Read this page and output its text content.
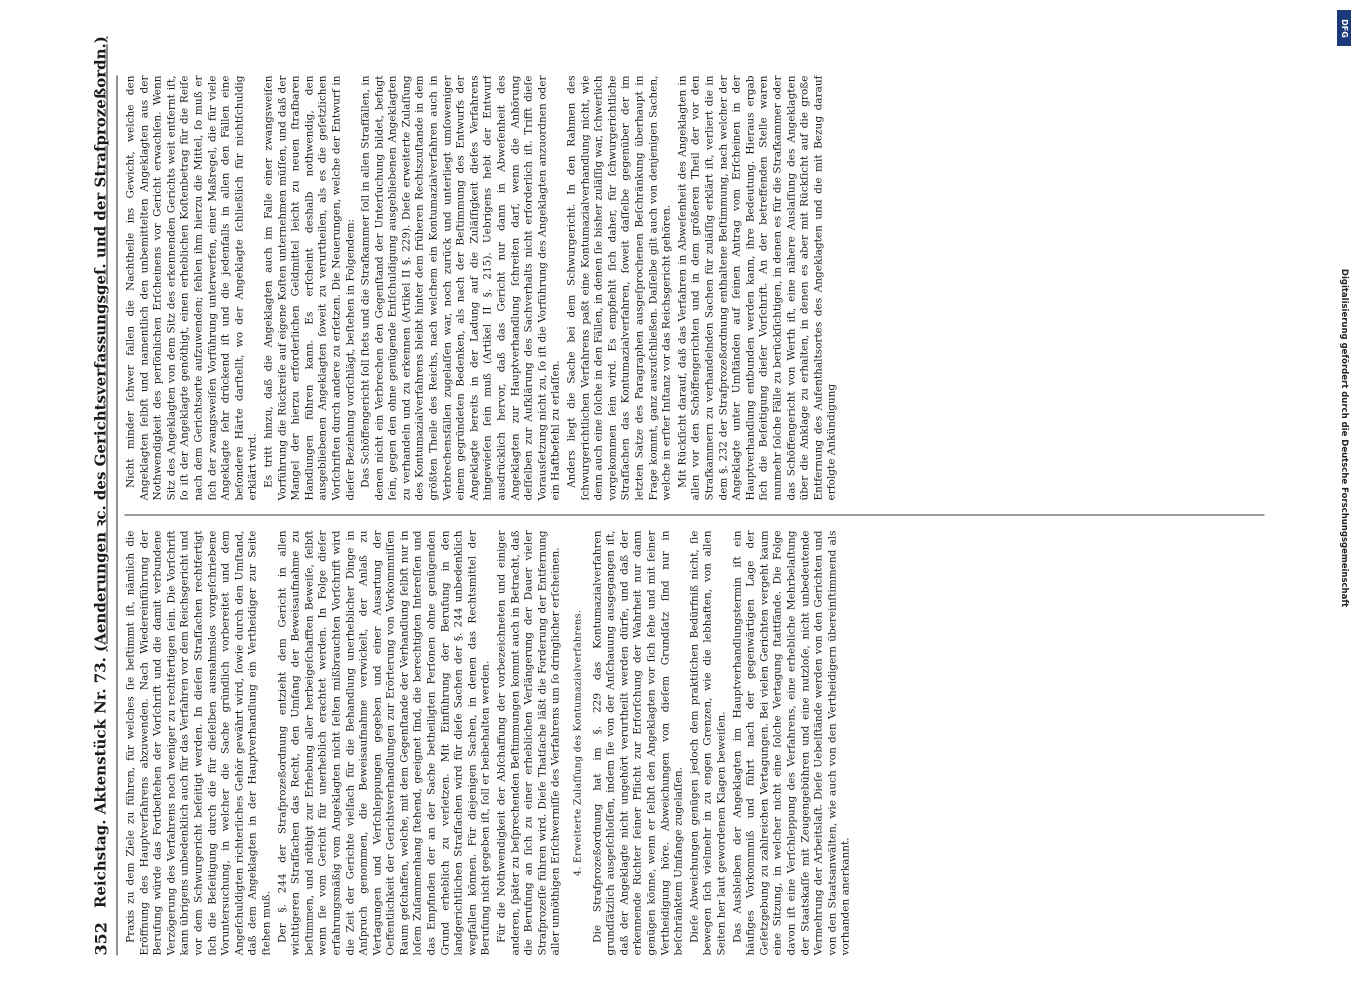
352
Reichstag. Aktenstück Nr. 73. (Aenderungen ꝛc. des Gerichtsverfassungsgeſ. und der Strafprozeßordn.)

Praxis zu dem Ziele zu führen, für welches ſie beſtimmt iſt, nämlich die Eröffnung des Hauptverfahrens abzuwenden. Nach Wiedereinführung der Berufung würde das Fortbeſtehen der Vorſchrift und die damit verbundene Verzögerung des Verfahrens noch weniger zu rechtfertigen ſein. Die Vorſchrift kann übrigens unbedenklich auch für das Verfahren vor dem Reichsgericht und vor dem Schwurgericht beſeitigt werden. In dieſen Strafſachen rechtfertigt ſich die Beſeitigung durch die für dieſelben ausnahmslos vorgeſchriebene Voruntersuchung, in welcher die Sache gründlich vorbereitet und dem Angeſchuldigten richterliches Gehör gewährt wird, ſowie durch den Umſtand, daß dem Angeklagten in der Hauptverhandlung ein Vertheidiger zur Seite ſtehen muß. Der §. 244 der Strafprozeßordnung entzieht dem Gericht in allen wichtigeren Strafſachen das Recht, den Umfang der Beweisaufnahme zu beſtimmen, und nöthigt zur Erhebung aller herbeigeſchafften Beweiſe, ſelbſt wenn ſie vom Gericht für unerheblich erachtet werden. In Folge dieſer erfahrungsmäßig vom Angeklagten nicht ſelten mißbrauchten Vorſchrift wird die Zeit der Gerichte vielfach für die Behandlung unerheblicher Dinge in Anſpruch genommen, die Beweisaufnahme verwickelt, der Anlaß zu Vertagungen und Verſchleppungen gegeben und einer Ausartung der Oeffentlichkeit der Gerichtsverhandlungen zur Erörterung von Vorkommniſſen Raum geſchaffen, welche, mit dem Gegenſtande der Verhandlung ſelbſt nur in loſem Zuſammenhang ſtehend, geeignet ſind, die berechtigten Intereſſen und das Empfinden der an der Sache betheiligten Perſonen ohne genügenden Grund erheblich zu verletzen. Mit Einführung der Berufung in den landgerichtlichen Strafſachen wird für dieſe Sachen der §. 244 unbedenklich wegfallen können. Für diejenigen Sachen, in denen das Rechtsmittel der Berufung nicht gegeben iſt, ſoll er beibehalten werden. Für die Nothwendigkeit der Abſchaffung der vorbezeichneten und einiger anderen, ſpäter zu beſprechenden Beſtimmungen kommt auch in Betracht, daß die Berufung an ſich zu einer erheblichen Verlängerung der Dauer vieler Strafprozeſſe führen wird. Dieſe Thatſache läßt die Forderung der Entfernung aller unnöthigen Erſchwerniſſe des Verfahrens um ſo dringlicher erſcheinen. 4. Erweiterte Zulaſſung des Kontumazialverfahrens. Die Strafprozeßordnung hat im §. 229 das Kontumazialverfahren grundſätzlich ausgeſchloſſen, indem ſie von der Anſchauung ausgegangen iſt, daß der Angeklagte nicht ungehört verurtheilt werden dürfe, und daß der erkennende Richter ſeiner Pflicht zur Erforſchung der Wahrheit nur dann genügen könne, wenn er ſelbſt den Angeklagten vor ſich ſehe und mit ſeiner Vertheidigung höre. Abweichungen von dieſem Grundſatz ſind nur in beſchränktem Umfange zugelaſſen. Dieſe Abweichungen genügen jedoch dem praktiſchen Bedürfniß nicht, ſie bewegen ſich vielmehr in zu engen Grenzen, wie die lebhaften, von allen Seiten her laut gewordenen Klagen beweiſen. Das Ausbleiben der Angeklagten im Hauptverhandlungstermin iſt ein häufiges Vorkommniß und führt nach der gegenwärtigen Lage der Geſetzgebung zu zahlreichen Vertagungen. Bei vielen Gerichten vergeht kaum eine Sitzung, in welcher nicht eine ſolche Vertagung ſtattfände. Die Folge davon iſt eine Verſchleppung des Verfahrens, eine erhebliche Mehrbelaſtung der Staatskaſſe mit Zeugengebühren und eine nutzloſe, nicht unbedeutende Vermehrung der Arbeitslaſt. Dieſe Uebelſtände werden von den Gerichten und von den Staatsanwälten, wie auch von den Vertheidigern übereinſtimmend als vorhanden anerkannt.

Nicht minder ſchwer fallen die Nachtheile ins Gewicht, welche den Angeklagten ſelbſt und namentlich den unbemittelten Angeklagten aus der Nothwendigkeit des perſönlichen Erſcheinens vor Gericht erwachſen. Wenn Sitz des Angeklagten von dem Sitz des erkennenden Gerichts weit entfernt iſt, ſo iſt der Angeklagte genöthigt, einen erheblichen Koſtenbetrag für die Reiſe nach dem Gerichtsorte aufzuwenden; fehlen ihm hierzu die Mittel, ſo muß er ſich der zwangsweiſen Vorführung unterwerfen, einer Maßregel, die für viele Angeklagte ſehr drückend iſt und die jedenfalls in allen den Fällen eine beſondere Härte darſtellt, wo der Angeklagte ſchließlich für nichtſchuldig erklärt wird. Es tritt hinzu, daß die Angeklagten auch im Falle einer zwangsweiſen Vorführung die Rückreiſe auf eigene Koſten unternehmen müſſen, und daß der Mangel der hierzu erforderlichen Geldmittel leicht zu neuen ſtrafbaren Handlungen führen kann. Es erſcheint deshalb nothwendig, den ausgebliebenen Angeklagten ſoweit zu verurtheilen, als es die geſetzlichen Vorſchriften durch andere zu erſetzen. Die Neuerungen, welche der Entwurf in dieſer Beziehung vorſchlägt, beſtehen in Folgendem: Das Schöffengericht ſoll ſtets und die Strafkammer ſoll in allen Strafſällen, in denen nicht ein Verbrechen den Gegenſtand der Unterſuchung bildet, befugt ſein, gegen den ohne genügende Entſchuldigung ausgebliebenen Angeklagten zu verhandeln und zu erkennen (Artikel II §. 229). Dieſe erweiterte Zulaſſung des Kontumazialverfahrens bleibt hinter dem früheren Rechtszuſtande in dem größten Theile des Reichs, nach welchem ein Kontumazialverfahren auch in Verbrechensfällen zugelaſſen war, noch zurück und unterliegt umſoweniger einem gegründeten Bedenken, als nach der Beſtimmung des Entwurfs der Angeklagte bereits in der Ladung auf die Zuläſſigkeit dieſes Verfahrens hingewieſen ſein muß (Artikel II §. 215). Uebrigens hebt der Entwurf ausdrücklich hervor, daß das Gericht nur dann in Abweſenheit des Angeklagten zur Hauptverhandlung ſchreiten darf, wenn die Anhörung deſſelben zur Aufklärung des Sachverhalts nicht erforderlich iſt. Trifft dieſe Vorausſetzung nicht zu, ſo iſt die Vorführung des Angeklagten anzuordnen oder ein Haftbefehl zu erlaſſen. Anders liegt die Sache bei dem Schwurgericht. In den Rahmen des ſchwurgerichtlichen Verfahrens paßt eine Kontumazialverhandlung nicht, wie denn auch eine ſolche in den Fällen, in denen ſie bisher zuläſſig war, ſchwerlich vorgekommen ſein wird. Es empfiehlt ſich daher, für ſchwurgerichtliche Strafſachen das Kontumazialverfahren, ſoweit daſſelbe gegenüber der im letzten Satze des Paragraphen ausgeſprochenen Beſchränkung überhaupt in Frage kommt, ganz auszuſchließen. Daſſelbe gilt auch von denjenigen Sachen, welche in erſter Inſtanz vor das Reichsgericht gehören. Mit Rückſicht darauf, daß das Verfahren in Abweſenheit des Angeklagten in allen vor den Schöffengerichten und in dem größeren Theil der vor den Strafkammern zu verhandelnden Sachen für zuläſſig erklärt iſt, verliert die in dem §. 232 der Strafprozeßordnung enthaltene Beſtimmung, nach welcher der Angeklagte unter Umſtänden auf ſeinen Antrag vom Erſcheinen in der Hauptverhandlung entbunden werden kann, ihre Bedeutung. Hieraus ergab ſich die Beſeitigung dieſer Vorſchrift. An der betreffenden Stelle waren nunmehr ſolche Fälle zu berückſichtigen, in denen es für die Strafkammer oder das Schöffengericht von Werth iſt, eine nähere Auslaſſung des Angeklagten über die Anklage zu erhalten, in denen es aber mit Rückſicht auf die große Entfernung des Aufenthaltsortes des Angeklagten und die mit Bezug darauf erfolgte Ankündigung

DFG
Digitalisierung gefördert durch die Deutsche Forschungsgemeinschaft
